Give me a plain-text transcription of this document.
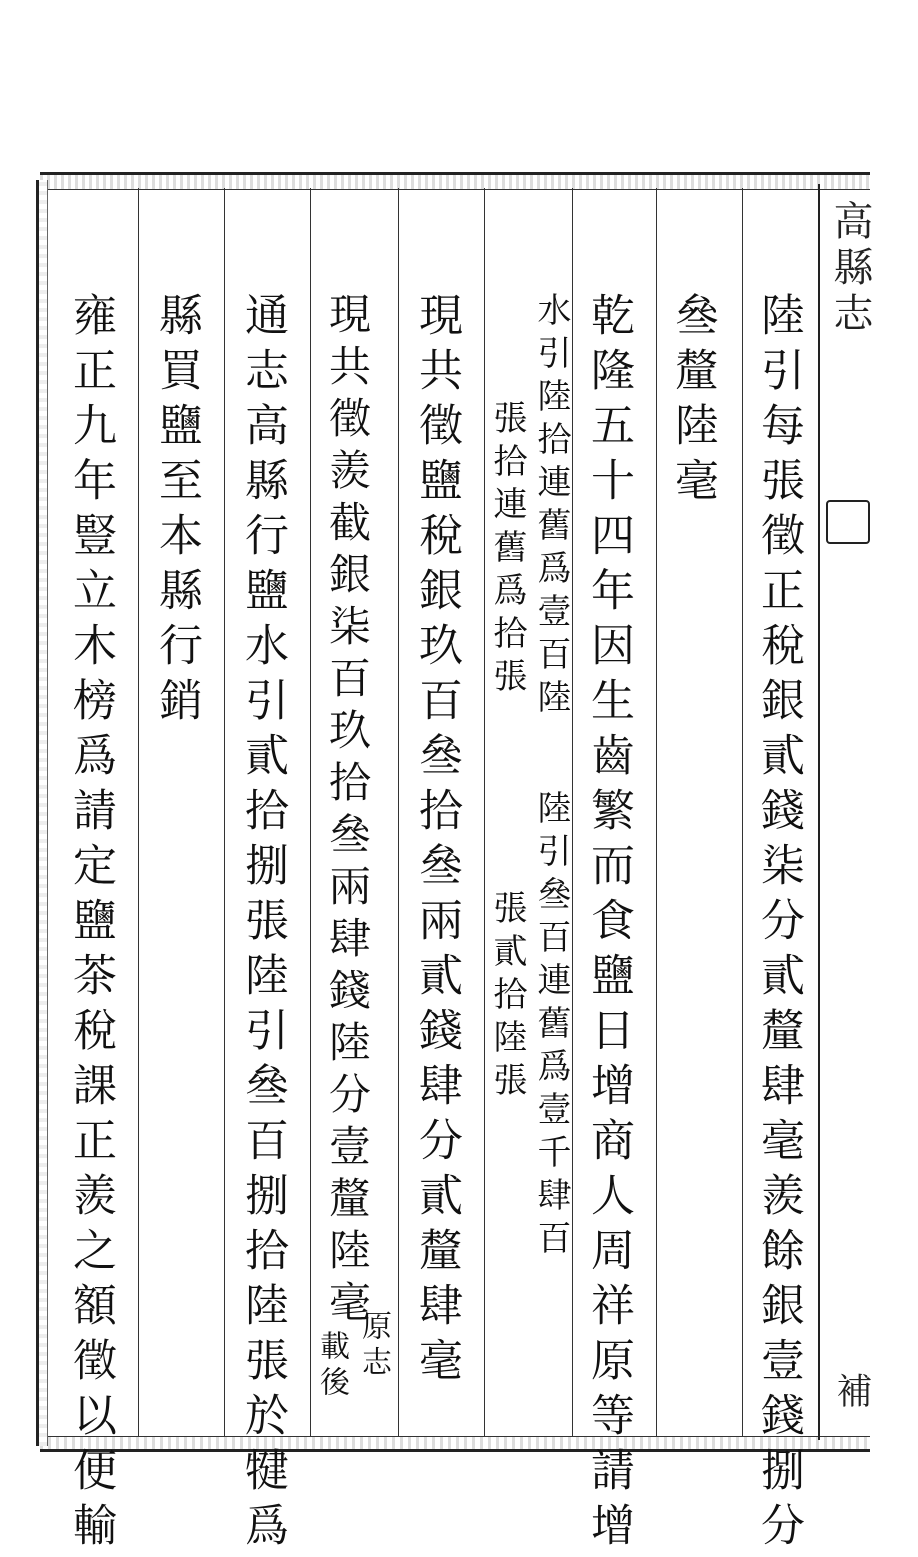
高縣志
補
陸引每張徵正稅銀貳錢柒分貳釐肆毫羨餘銀壹錢捌分
叄釐陸毫
乾隆五十四年因生齒繁而食鹽日增商人周祥原等請增
水引陸拾連舊爲壹百陸
張拾連舊爲拾張
陸引叄百連舊爲壹千肆百
張貳拾陸張
現共徵鹽稅銀玖百叄拾叄兩貳錢肆分貳釐肆毫
現共徵羨截銀柒百玖拾叄兩肆錢陸分壹釐陸毫
原志
載後
通志高縣行鹽水引貳拾捌張陸引叄百捌拾陸張於犍爲
縣買鹽至本縣行銷
雍正九年豎立木榜爲請定鹽茶稅課正羨之額徵以便輸
